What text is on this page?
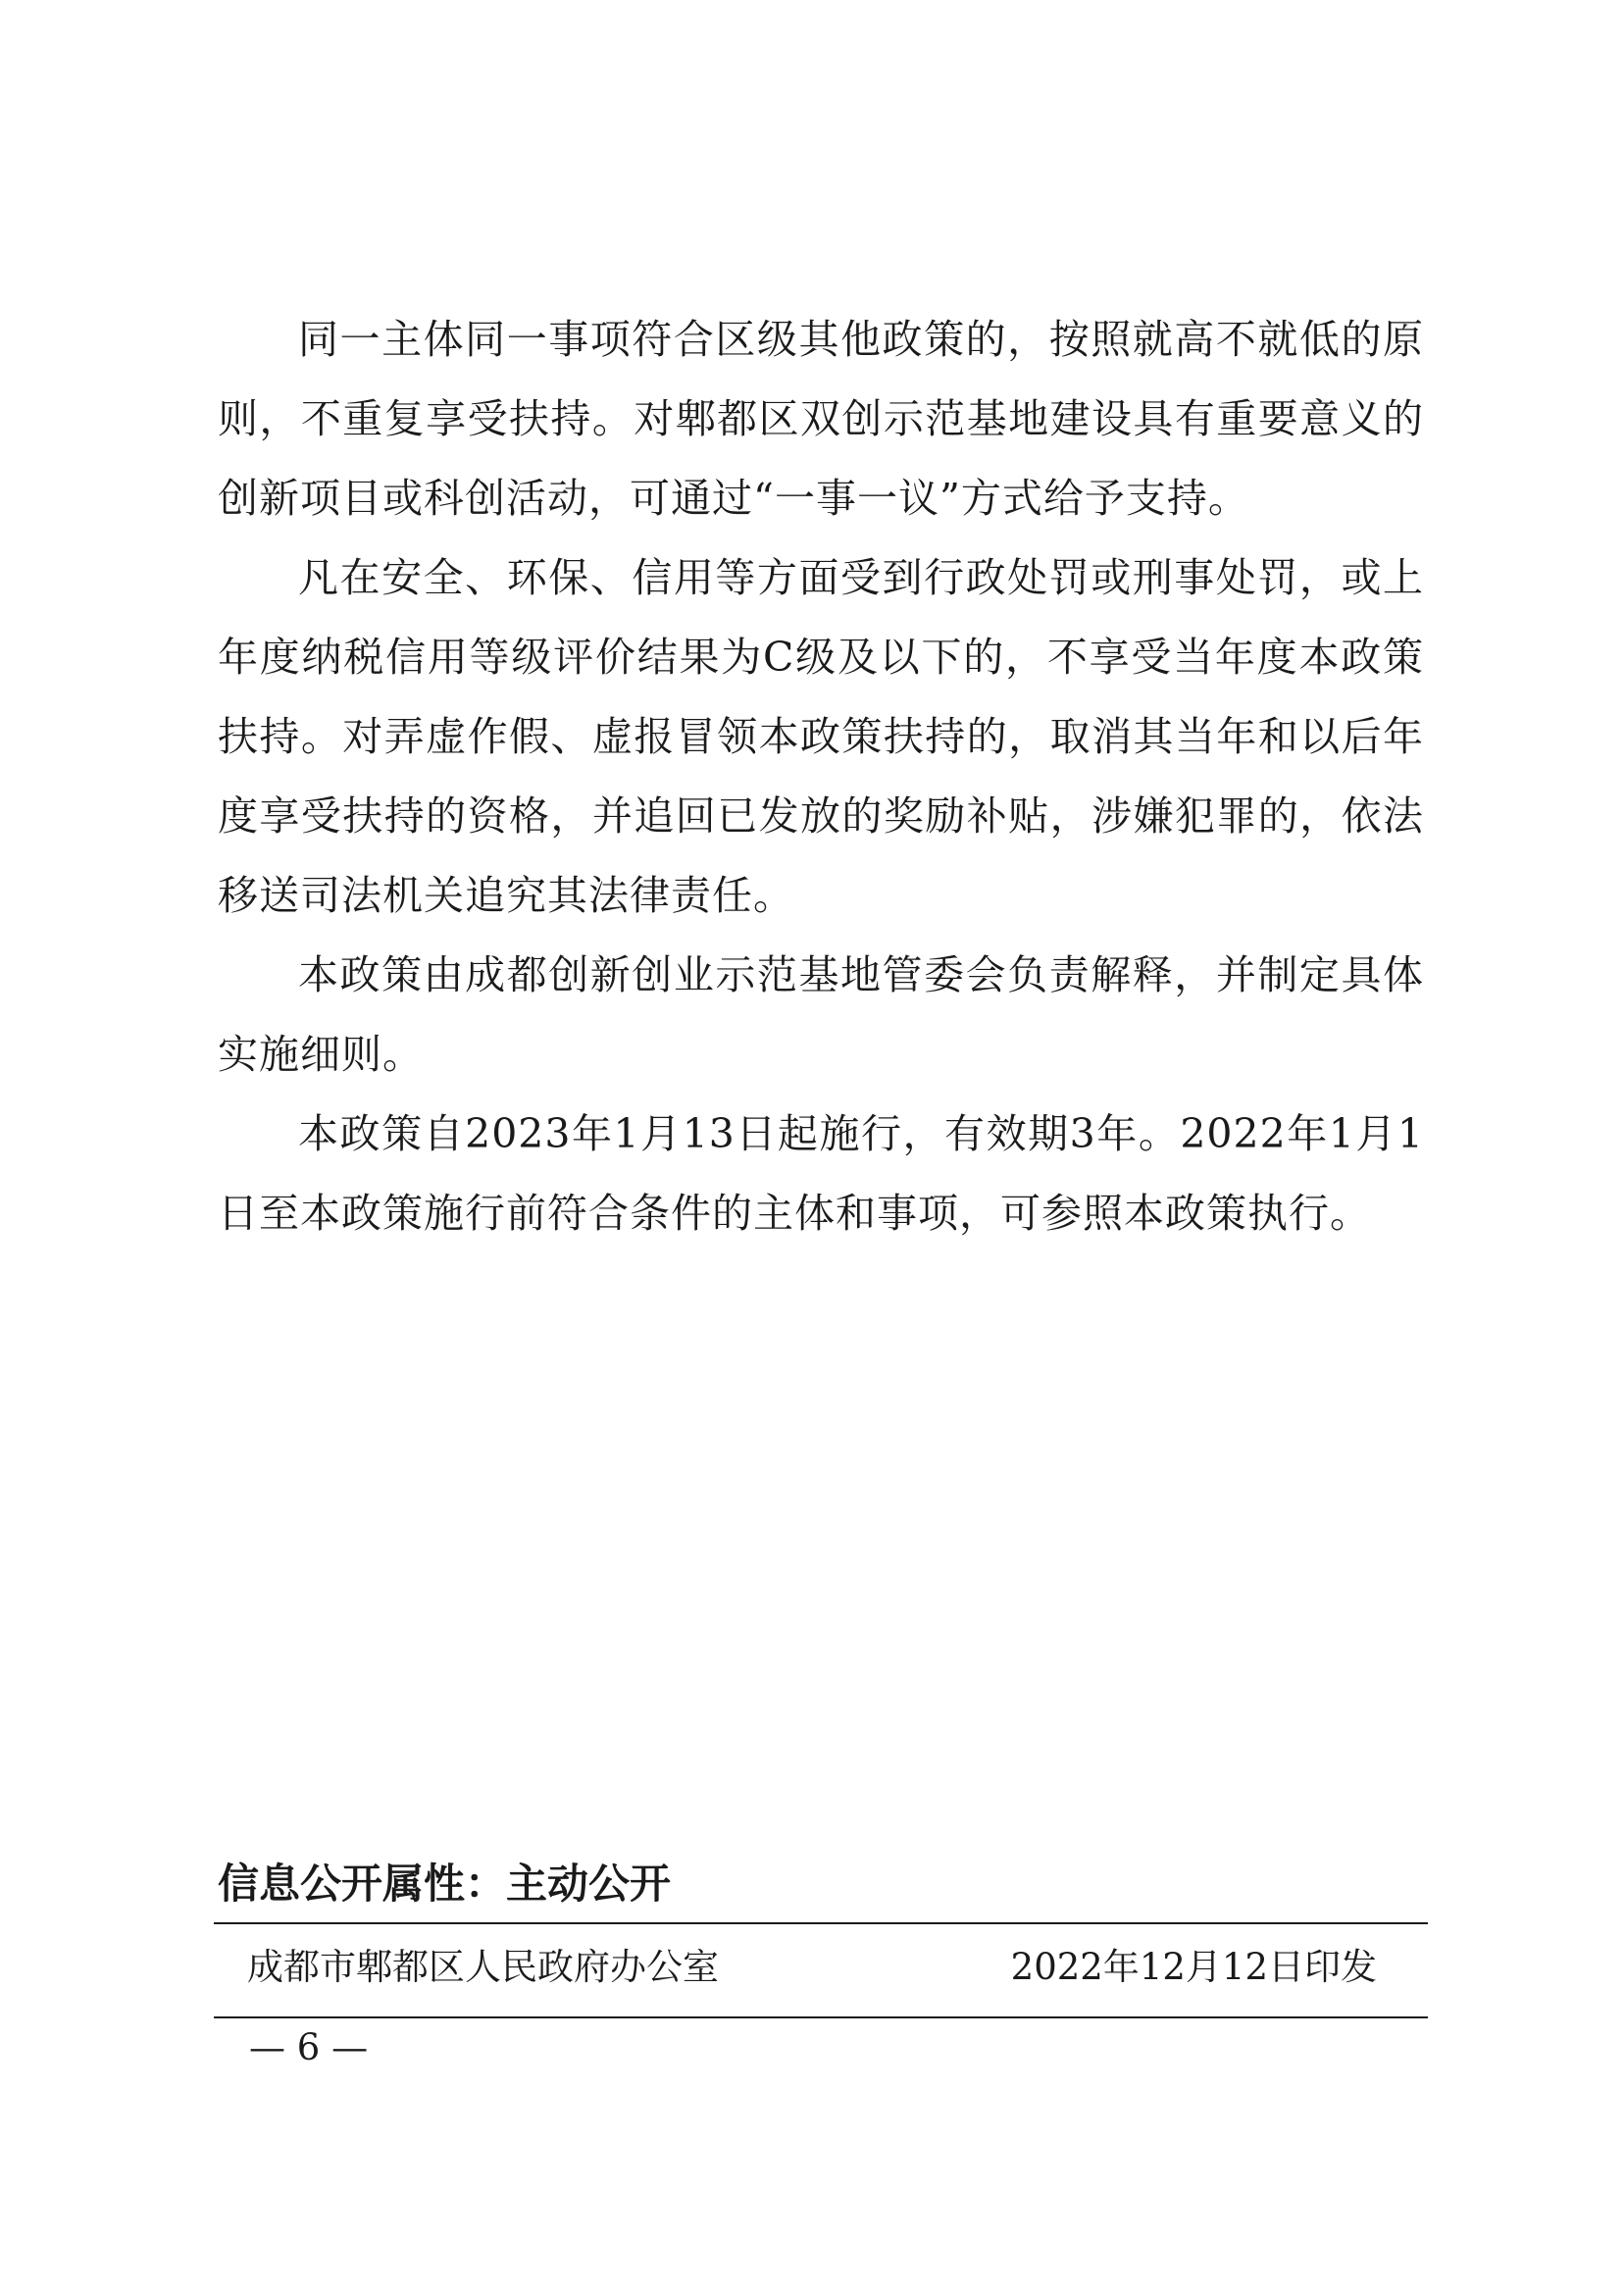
同一主体同一事项符合区级其他政策的，按照就高不就低的原则，不重复享受扶持。对郫都区双创示范基地建设具有重要意义的创新项目或科创活动，可通过“一事一议”方式给予支持。

凡在安全、环保、信用等方面受到行政处罚或刑事处罚，或上年度纳税信用等级评价结果为C级及以下的，不享受当年度本政策扶持。对弄虚作假、虚报冒领本政策扶持的，取消其当年和以后年度享受扶持的资格，并追回已发放的奖励补贴，涉嫌犯罪的，依法移送司法机关追究其法律责任。

本政策由成都创新创业示范基地管委会负责解释，并制定具体实施细则。

本政策自2023年1月13日起施行，有效期3年。2022年1月1日至本政策施行前符合条件的主体和事项，可参照本政策执行。

信息公开属性：主动公开
成都市郫都区人民政府办公室	2022年12月12日印发
— 6 —
